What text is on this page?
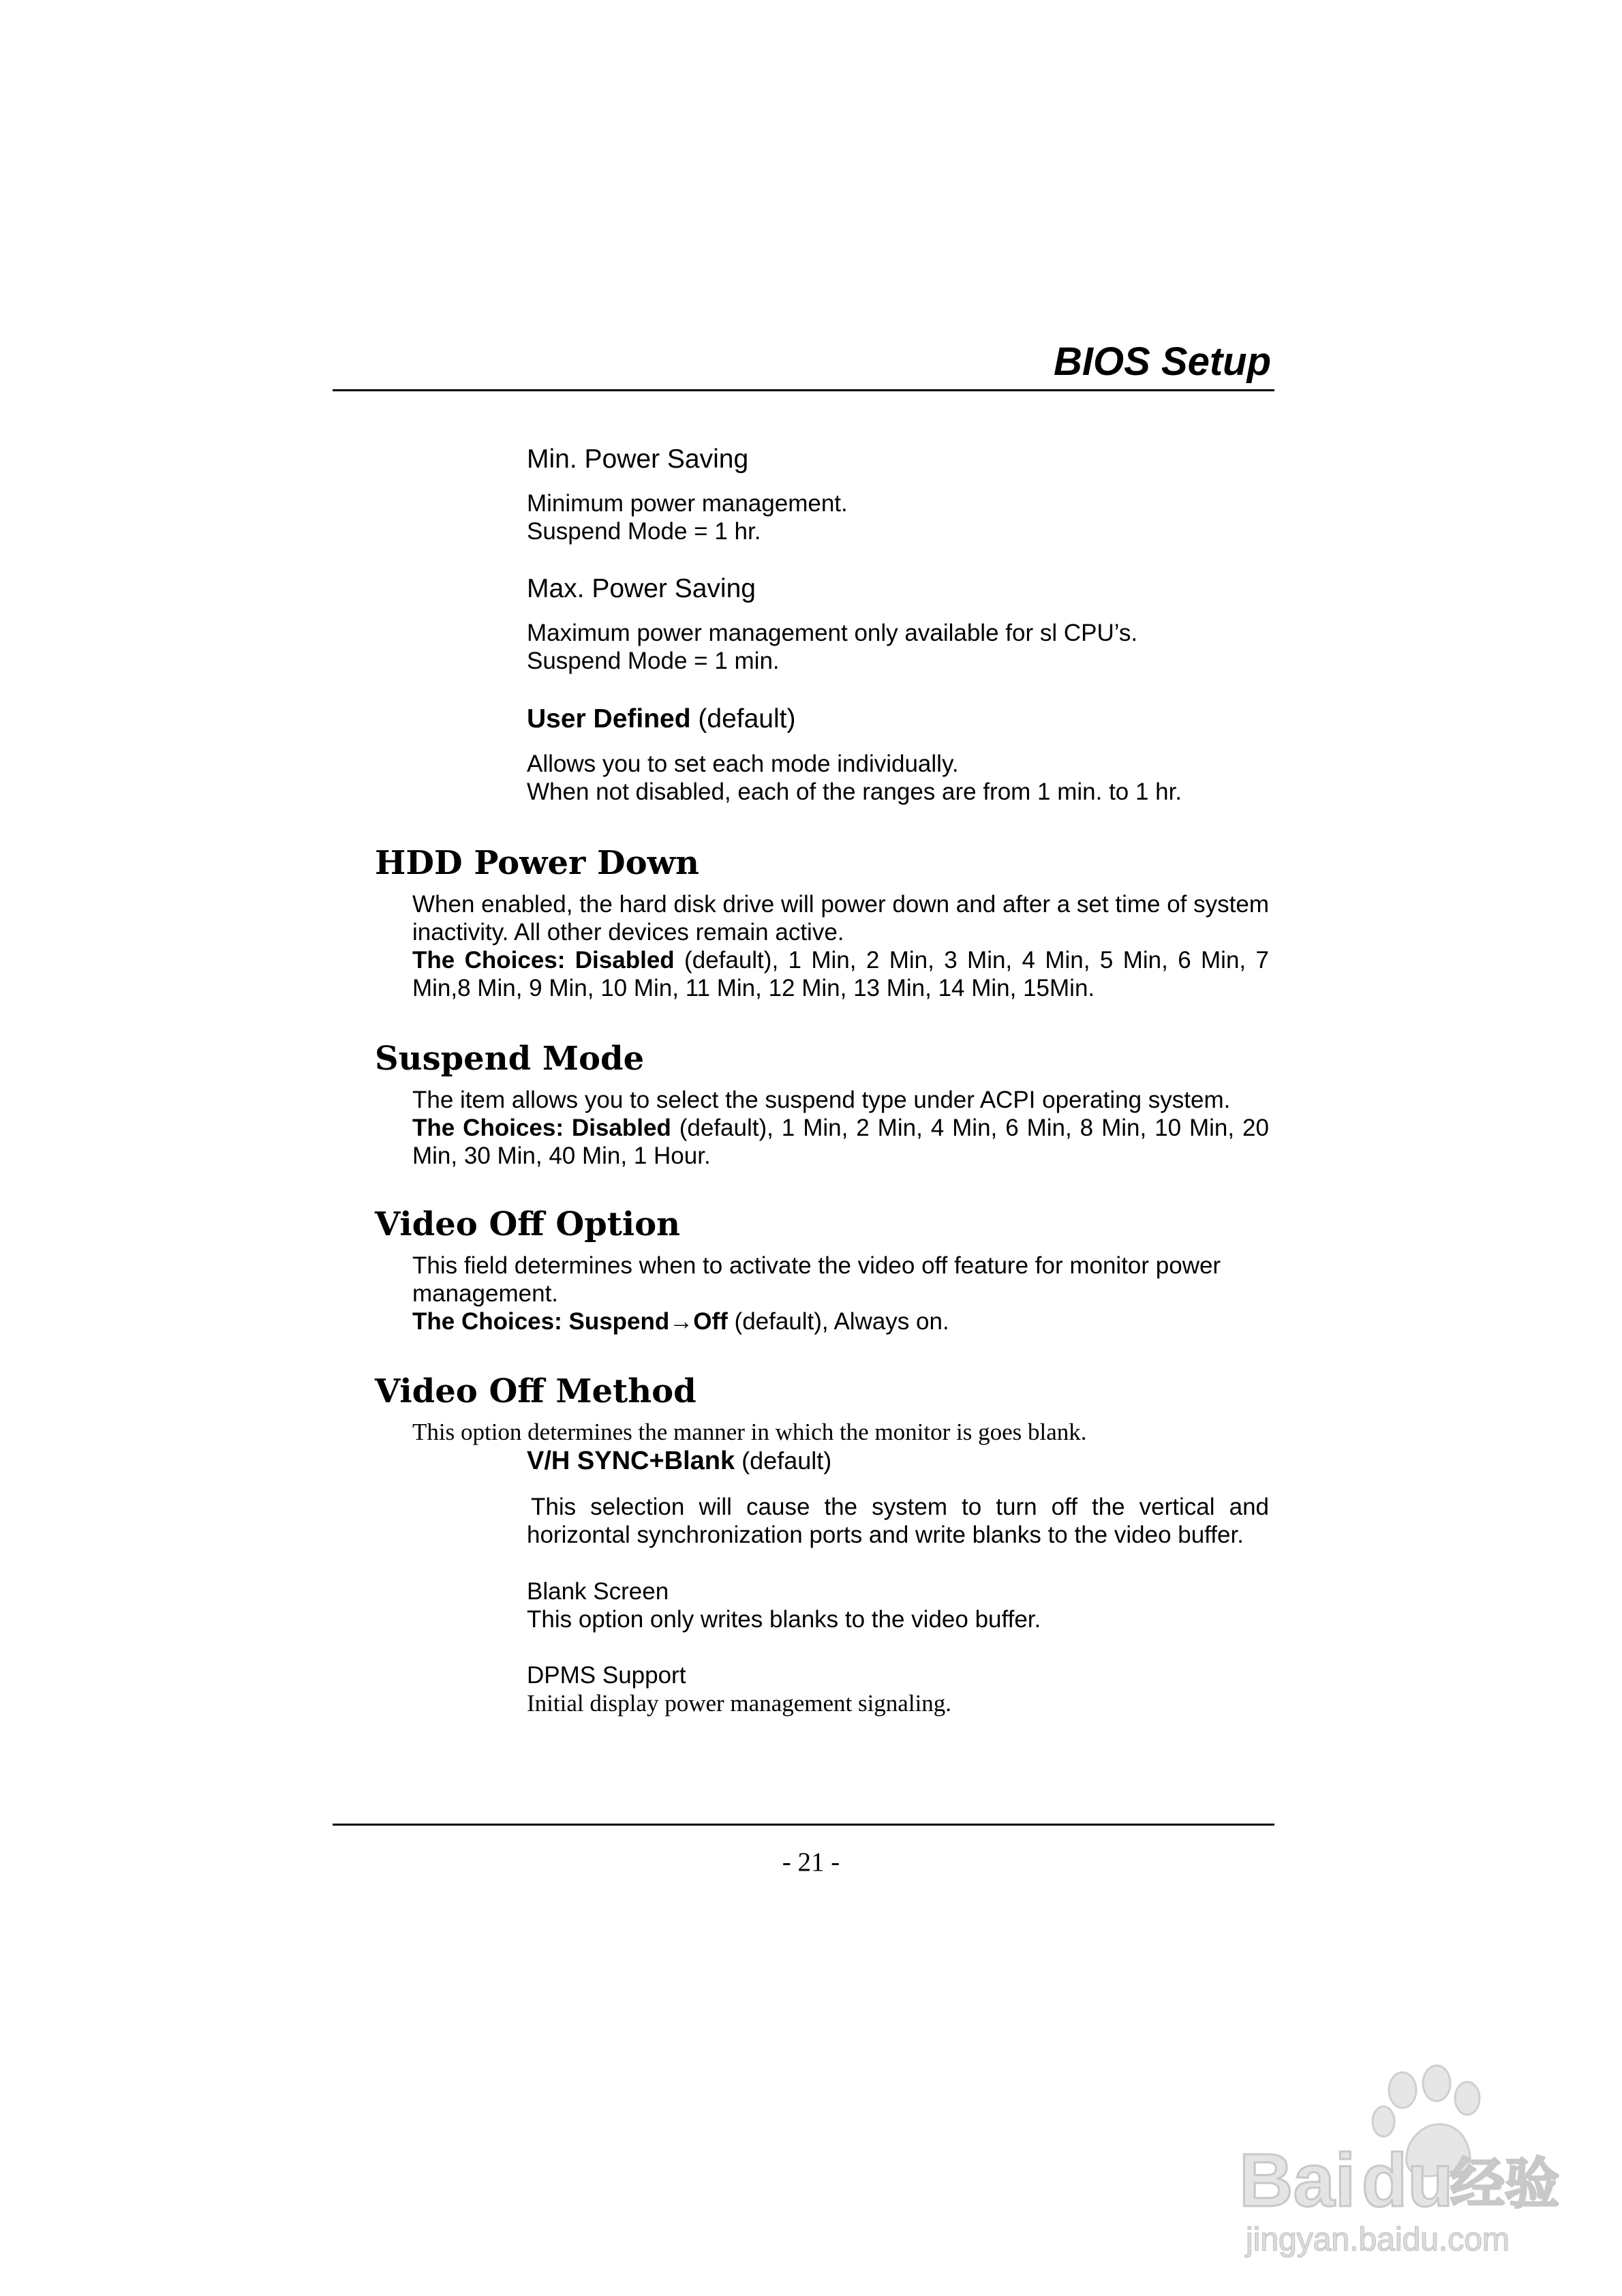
BIOS Setup
Min. Power Saving
Minimum power management.
Suspend Mode = 1 hr.
Max. Power Saving
Maximum power management only available for sl CPU’s.
Suspend Mode = 1 min.
User Defined (default)
Allows you to set each mode individually.
When not disabled, each of the ranges are from 1 min. to 1 hr.
HDD Power Down
When enabled, the hard disk drive will power down and after a set time of system inactivity. All other devices remain active.
The Choices: Disabled (default), 1 Min, 2 Min, 3 Min, 4 Min, 5 Min, 6 Min, 7 Min,8 Min, 9 Min, 10 Min, 11 Min, 12 Min, 13 Min, 14 Min, 15Min.
Suspend Mode
The item allows you to select the suspend type under ACPI operating system.
The Choices: Disabled (default), 1 Min, 2 Min, 4 Min, 6 Min, 8 Min, 10 Min, 20 Min, 30 Min, 40 Min, 1 Hour.
Video Off Option
This field determines when to activate the video off feature for monitor power management.
The Choices: Suspend→Off (default), Always on.
Video Off Method
This option determines the manner in which the monitor is goes blank.
V/H SYNC+Blank (default)
This selection will cause the system to turn off the vertical and horizontal synchronization ports and write blanks to the video buffer.
Blank Screen
This option only writes blanks to the video buffer.
DPMS Support
Initial display power management signaling.
- 21 -
Bai du
经验
jingyan.baidu.com
